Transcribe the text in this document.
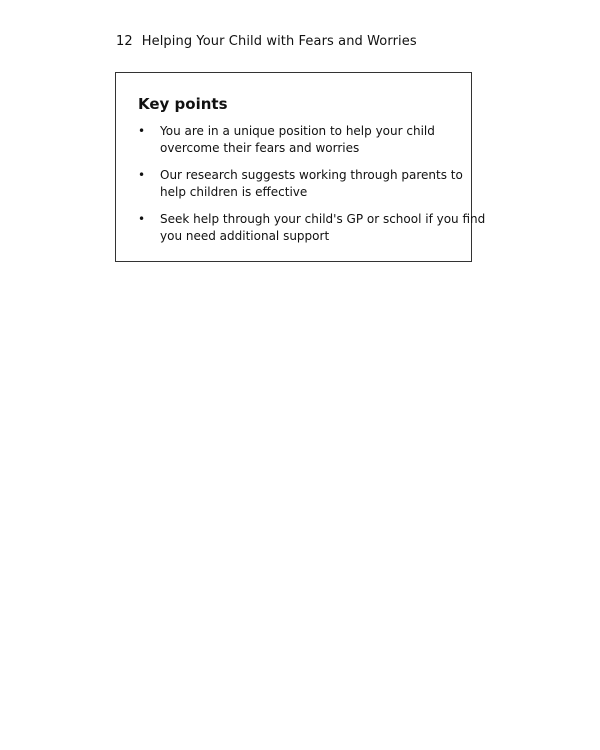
12 Helping Your Child with Fears and Worries
Key points
• You are in a unique position to help your child
overcome their fears and worries
• Our research suggests working through parents to
help children is effective
• Seek help through your child's GP or school if you find
you need additional support
